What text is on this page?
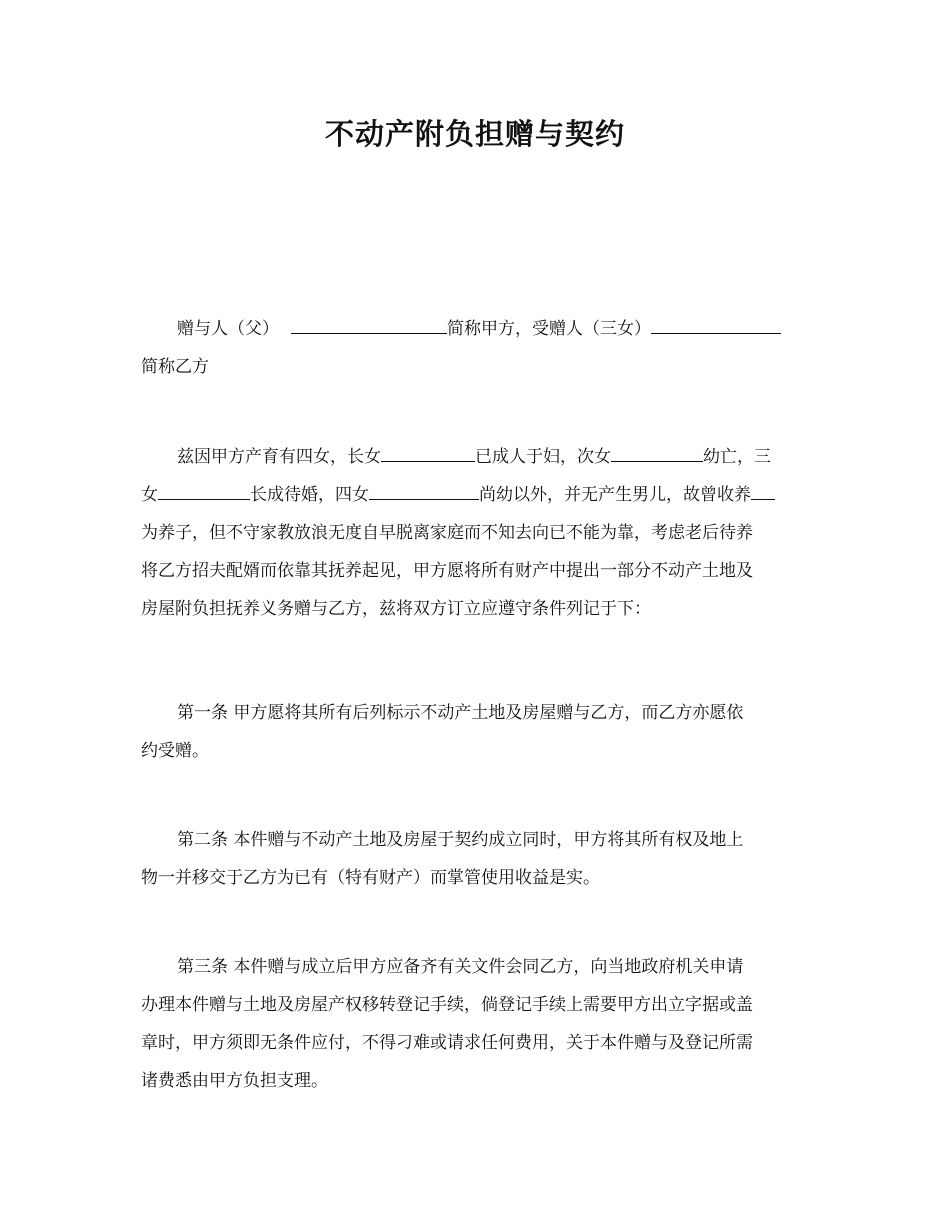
不动产附负担赠与契约
赠与人（父）	简称甲方，受赠人（三女）
简称乙方
兹因甲方产育有四女，长女	已成人于妇，次女	幼亡，三
女	长成待婚，四女	尚幼以外，并无产生男儿，故曾收养
为养子，但不守家教放浪无度自早脱离家庭而不知去向已不能为靠，考虑老后待养
将乙方招夫配婿而依靠其抚养起见，甲方愿将所有财产中提出一部分不动产土地及
房屋附负担抚养义务赠与乙方，兹将双方订立应遵守条件列记于下：
第一条 甲方愿将其所有后列标示不动产土地及房屋赠与乙方，而乙方亦愿依
约受赠。
第二条 本件赠与不动产土地及房屋于契约成立同时，甲方将其所有权及地上
物一并移交于乙方为已有（特有财产）而掌管使用收益是实。
第三条 本件赠与成立后甲方应备齐有关文件会同乙方，向当地政府机关申请
办理本件赠与土地及房屋产权移转登记手续，倘登记手续上需要甲方出立字据或盖
章时，甲方须即无条件应付，不得刁难或请求任何费用，关于本件赠与及登记所需
诸费悉由甲方负担支理。
